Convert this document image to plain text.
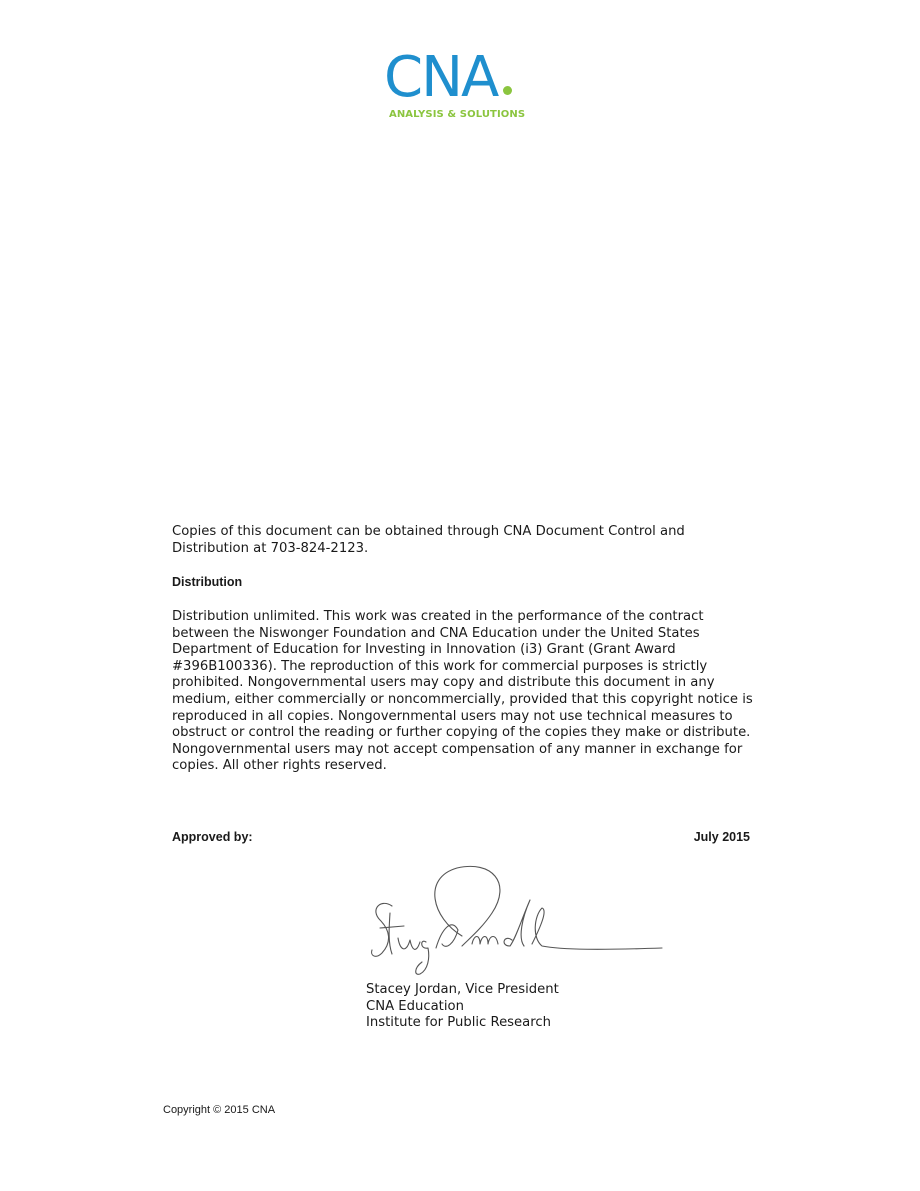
CNA
ANALYSIS & SOLUTIONS
Copies of this document can be obtained through CNA Document Control and Distribution at 703-824-2123.
Distribution
Distribution unlimited. This work was created in the performance of the contract between the Niswonger Foundation and CNA Education under the United States Department of Education for Investing in Innovation (i3) Grant (Grant Award #396B100336). The reproduction of this work for commercial purposes is strictly prohibited. Nongovernmental users may copy and distribute this document in any medium, either commercially or noncommercially, provided that this copyright notice is reproduced in all copies. Nongovernmental users may not use technical measures to obstruct or control the reading or further copying of the copies they make or distribute. Nongovernmental users may not accept compensation of any manner in exchange for copies. All other rights reserved.
Approved by:	July 2015
Stacey Jordan, Vice President
CNA Education
Institute for Public Research
Copyright © 2015 CNA
